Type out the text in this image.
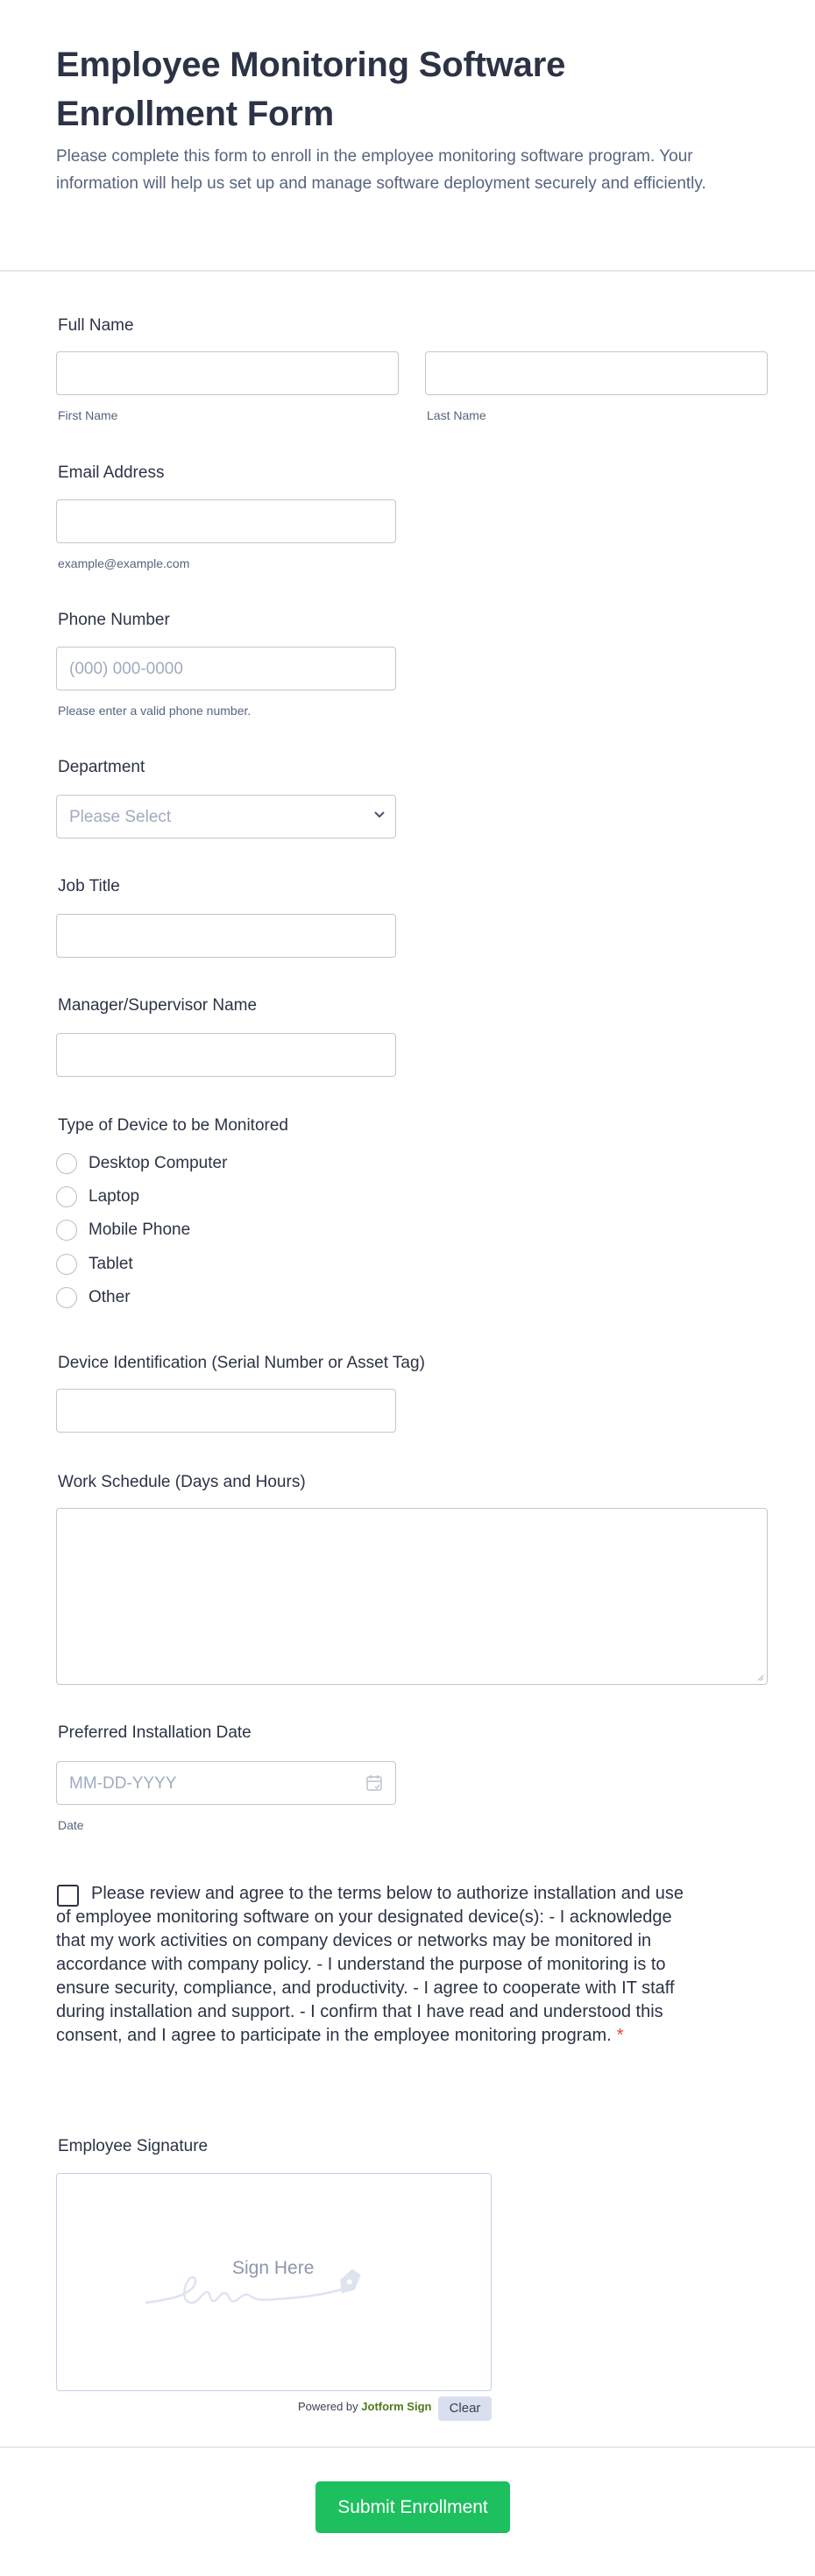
Employee Monitoring Software Enrollment Form

Please complete this form to enroll in the employee monitoring software program. Your information will help us set up and manage software deployment securely and efficiently.

Full Name
First Name	Last Name
Email Address
example@example.com
Phone Number
(000) 000-0000
Please enter a valid phone number.
Department
Please Select
Job Title
Manager/Supervisor Name
Type of Device to be Monitored
Desktop Computer
Laptop
Mobile Phone
Tablet
Other
Device Identification (Serial Number or Asset Tag)
Work Schedule (Days and Hours)
Preferred Installation Date
MM-DD-YYYY
Date

Please review and agree to the terms below to authorize installation and use of employee monitoring software on your designated device(s): - I acknowledge that my work activities on company devices or networks may be monitored in accordance with company policy. - I understand the purpose of monitoring is to ensure security, compliance, and productivity. - I agree to cooperate with IT staff during installation and support. - I confirm that I have read and understood this consent, and I agree to participate in the employee monitoring program. *

Employee Signature
Sign Here
Powered by Jotform Sign	Clear
Submit Enrollment
